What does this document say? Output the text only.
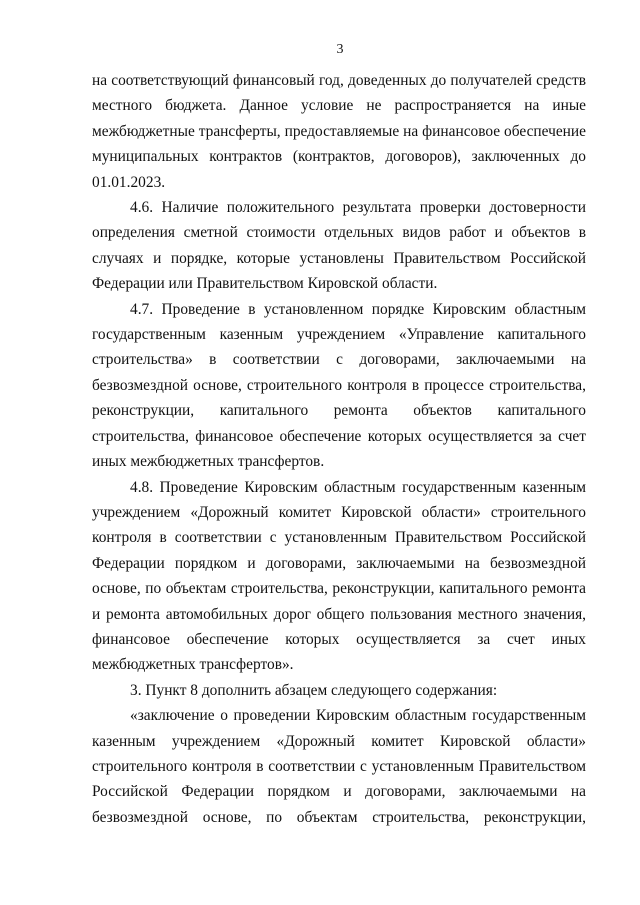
3

на соответствующий финансовый год, доведенных до получателей средств местного бюджета. Данное условие не распространяется на иные межбюджетные трансферты, предоставляемые на финансовое обеспечение муниципальных контрактов (контрактов, договоров), заключенных до 01.01.2023.

4.6. Наличие положительного результата проверки достоверности определения сметной стоимости отдельных видов работ и объектов в случаях и порядке, которые установлены Правительством Российской Федерации или Правительством Кировской области.

4.7. Проведение в установленном порядке Кировским областным государственным казенным учреждением «Управление капитального строительства» в соответствии с договорами, заключаемыми на безвозмездной основе, строительного контроля в процессе строительства, реконструкции, капитального ремонта объектов капитального строительства, финансовое обеспечение которых осуществляется за счет иных межбюджетных трансфертов.

4.8. Проведение Кировским областным государственным казенным учреждением «Дорожный комитет Кировской области» строительного контроля в соответствии с установленным Правительством Российской Федерации порядком и договорами, заключаемыми на безвозмездной основе, по объектам строительства, реконструкции, капитального ремонта и ремонта автомобильных дорог общего пользования местного значения, финансовое обеспечение которых осуществляется за счет иных межбюджетных трансфертов».

3. Пункт 8 дополнить абзацем следующего содержания:

«заключение о проведении Кировским областным государственным казенным учреждением «Дорожный комитет Кировской области» строительного контроля в соответствии с установленным Правительством Российской Федерации порядком и договорами, заключаемыми на безвозмездной основе, по объектам строительства, реконструкции,
